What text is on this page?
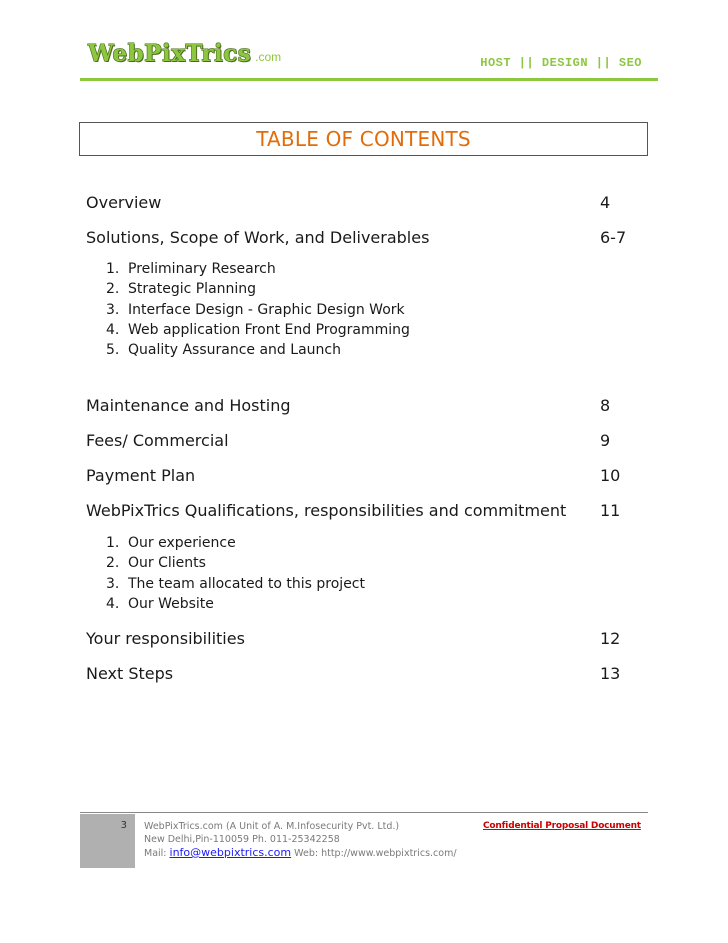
WebPixTrics .com	HOST || DESIGN || SEO
TABLE OF CONTENTS
Overview	4
Solutions, Scope of Work, and Deliverables	6-7
1. Preliminary Research
2. Strategic Planning
3. Interface Design - Graphic Design Work
4. Web application Front End Programming
5. Quality Assurance and Launch
Maintenance and Hosting	8
Fees/ Commercial	9
Payment Plan	10
WebPixTrics Qualifications, responsibilities and commitment 11
1. Our experience
2. Our Clients
3. The team allocated to this project
4. Our Website
Your responsibilities	12
Next Steps	13
3 WebPixTrics.com (A Unit of A. M.Infosecurity Pvt. Ltd.)
New Delhi,Pin-110059 Ph. 011-25342258
Mail: info@webpixtrics.com Web: http://www.webpixtrics.com/
Confidential Proposal Document
